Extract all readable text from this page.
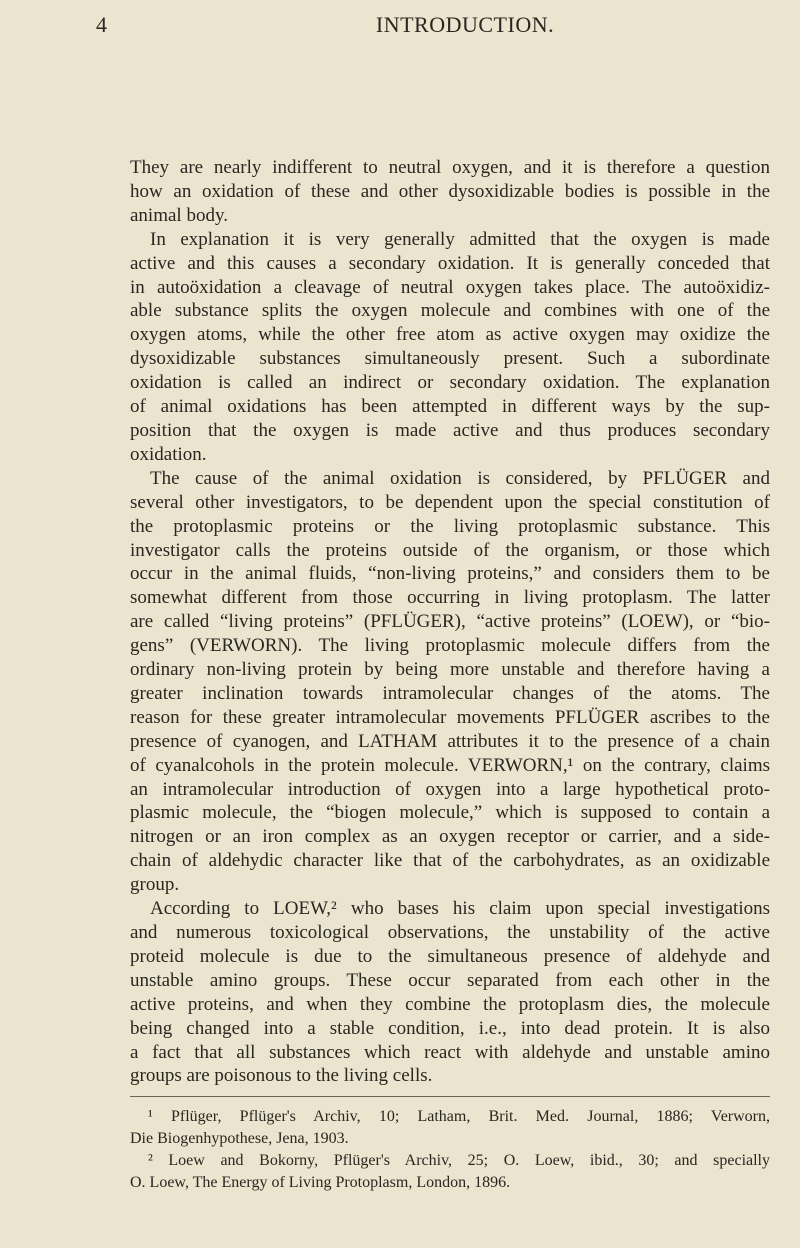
4	INTRODUCTION.
They are nearly indifferent to neutral oxygen, and it is therefore a question
how an oxidation of these and other dysoxidizable bodies is possible in the
animal body.
In explanation it is very generally admitted that the oxygen is made
active and this causes a secondary oxidation. It is generally conceded that
in autoöxidation a cleavage of neutral oxygen takes place. The autoöxidiz-
able substance splits the oxygen molecule and combines with one of the
oxygen atoms, while the other free atom as active oxygen may oxidize the
dysoxidizable substances simultaneously present. Such a subordinate
oxidation is called an indirect or secondary oxidation. The explanation
of animal oxidations has been attempted in different ways by the sup-
position that the oxygen is made active and thus produces secondary
oxidation.
The cause of the animal oxidation is considered, by PFLÜGER and
several other investigators, to be dependent upon the special constitution of
the protoplasmic proteins or the living protoplasmic substance. This
investigator calls the proteins outside of the organism, or those which
occur in the animal fluids, “non-living proteins,” and considers them to be
somewhat different from those occurring in living protoplasm. The latter
are called “living proteins” (PFLÜGER), “active proteins” (LOEW), or “bio-
gens” (VERWORN). The living protoplasmic molecule differs from the
ordinary non-living protein by being more unstable and therefore having a
greater inclination towards intramolecular changes of the atoms. The
reason for these greater intramolecular movements PFLÜGER ascribes to the
presence of cyanogen, and LATHAM attributes it to the presence of a chain
of cyanalcohols in the protein molecule. VERWORN,¹ on the contrary, claims
an intramolecular introduction of oxygen into a large hypothetical proto-
plasmic molecule, the “biogen molecule,” which is supposed to contain a
nitrogen or an iron complex as an oxygen receptor or carrier, and a side-
chain of aldehydic character like that of the carbohydrates, as an oxidizable
group.
According to LOEW,² who bases his claim upon special investigations
and numerous toxicological observations, the unstability of the active
proteid molecule is due to the simultaneous presence of aldehyde and
unstable amino groups. These occur separated from each other in the
active proteins, and when they combine the protoplasm dies, the molecule
being changed into a stable condition, i.e., into dead protein. It is also
a fact that all substances which react with aldehyde and unstable amino
groups are poisonous to the living cells.
¹ Pflüger, Pflüger's Archiv, 10; Latham, Brit. Med. Journal, 1886; Verworn,
Die Biogenhypothese, Jena, 1903.
² Loew and Bokorny, Pflüger's Archiv, 25; O. Loew, ibid., 30; and specially
O. Loew, The Energy of Living Protoplasm, London, 1896.
